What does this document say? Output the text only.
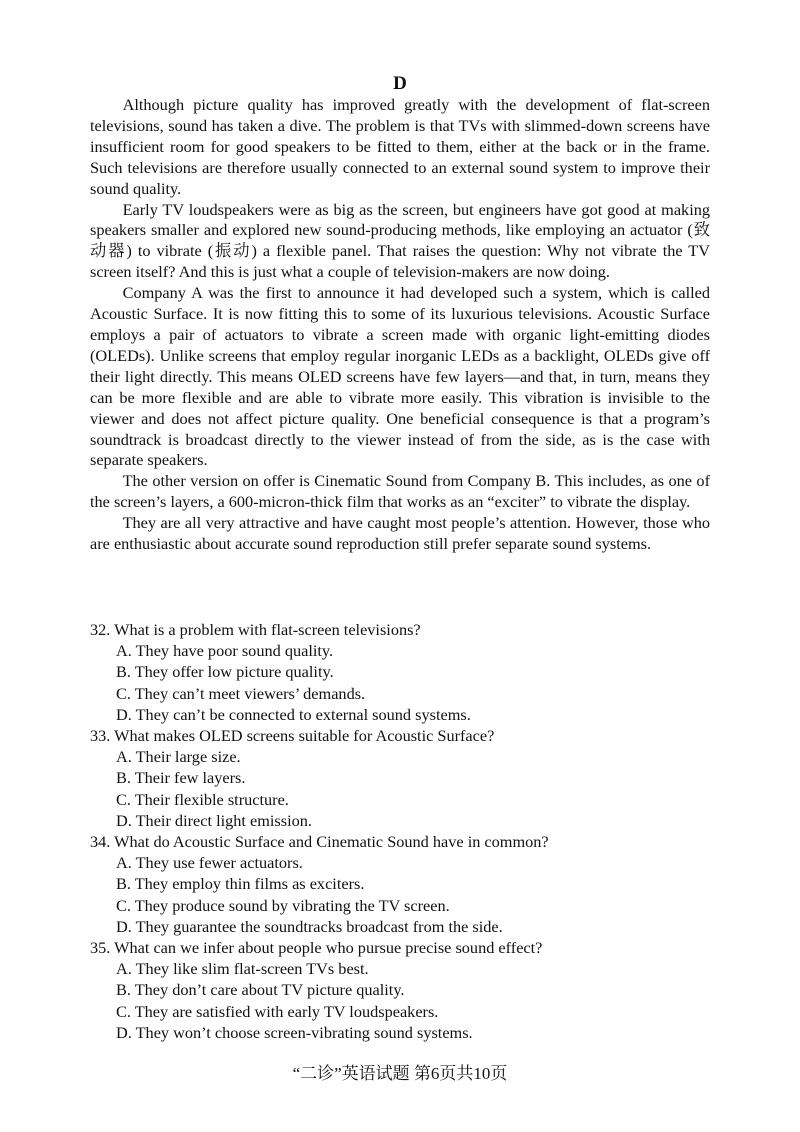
D

Although picture quality has improved greatly with the development of flat-screen televisions, sound has taken a dive. The problem is that TVs with slimmed-down screens have insufficient room for good speakers to be fitted to them, either at the back or in the frame. Such televisions are therefore usually connected to an external sound system to improve their sound quality.

Early TV loudspeakers were as big as the screen, but engineers have got good at making speakers smaller and explored new sound-producing methods, like employing an actuator (致动器) to vibrate (振动) a flexible panel. That raises the question: Why not vibrate the TV screen itself? And this is just what a couple of television-makers are now doing.

Company A was the first to announce it had developed such a system, which is called Acoustic Surface. It is now fitting this to some of its luxurious televisions. Acoustic Surface employs a pair of actuators to vibrate a screen made with organic light-emitting diodes (OLEDs). Unlike screens that employ regular inorganic LEDs as a backlight, OLEDs give off their light directly. This means OLED screens have few layers—and that, in turn, means they can be more flexible and are able to vibrate more easily. This vibration is invisible to the viewer and does not affect picture quality. One beneficial consequence is that a program’s soundtrack is broadcast directly to the viewer instead of from the side, as is the case with separate speakers.

The other version on offer is Cinematic Sound from Company B. This includes, as one of the screen’s layers, a 600-micron-thick film that works as an “exciter” to vibrate the display.

They are all very attractive and have caught most people’s attention. However, those who are enthusiastic about accurate sound reproduction still prefer separate sound systems.

32. What is a problem with flat-screen televisions?
A. They have poor sound quality.
B. They offer low picture quality.
C. They can’t meet viewers’ demands.
D. They can’t be connected to external sound systems.
33. What makes OLED screens suitable for Acoustic Surface?
A. Their large size.
B. Their few layers.
C. Their flexible structure.
D. Their direct light emission.
34. What do Acoustic Surface and Cinematic Sound have in common?
A. They use fewer actuators.
B. They employ thin films as exciters.
C. They produce sound by vibrating the TV screen.
D. They guarantee the soundtracks broadcast from the side.
35. What can we infer about people who pursue precise sound effect?
A. They like slim flat-screen TVs best.
B. They don’t care about TV picture quality.
C. They are satisfied with early TV loudspeakers.
D. They won’t choose screen-vibrating sound systems.
“二诊”英语试题 第6页共10页
